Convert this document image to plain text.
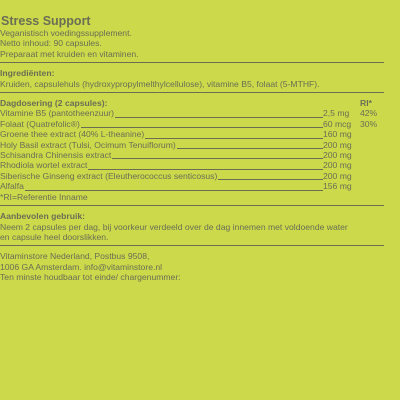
Stress Support
Veganistisch voedingssupplement.
Netto inhoud: 90 capsules.
Preparaat met kruiden en vitaminen.
Ingrediënten:
Kruiden, capsulehuls (hydroxypropylmelthylcellulose), vitamine B5, folaat (5-MTHF).
Dagdosering (2 capsules):	RI*
Vitamine B5 (pantotheenzuur)	2,5 mg	42%
Folaat (Quatrefolic®)	60 mcg	30%
Groene thee extract (40% L-theanine)	160 mg
Holy Basil extract (Tulsi, Ocimum Tenuiflorum)	200 mg
Schisandra Chinensis extract	200 mg
Rhodiola wortel extract	200 mg
Siberische Ginseng extract (Eleutherococcus senticosus)	200 mg
Alfalfa	156 mg
*RI=Referentie Inname
Aanbevolen gebruik:
Neem 2 capsules per dag, bij voorkeur verdeeld over de dag innemen met voldoende water
en capsule heel doorslikken.
Vitaminstore Nederland, Postbus 9508,
1006 GA Amsterdam. info@vitaminstore.nl
Ten minste houdbaar tot einde/ chargenummer:
